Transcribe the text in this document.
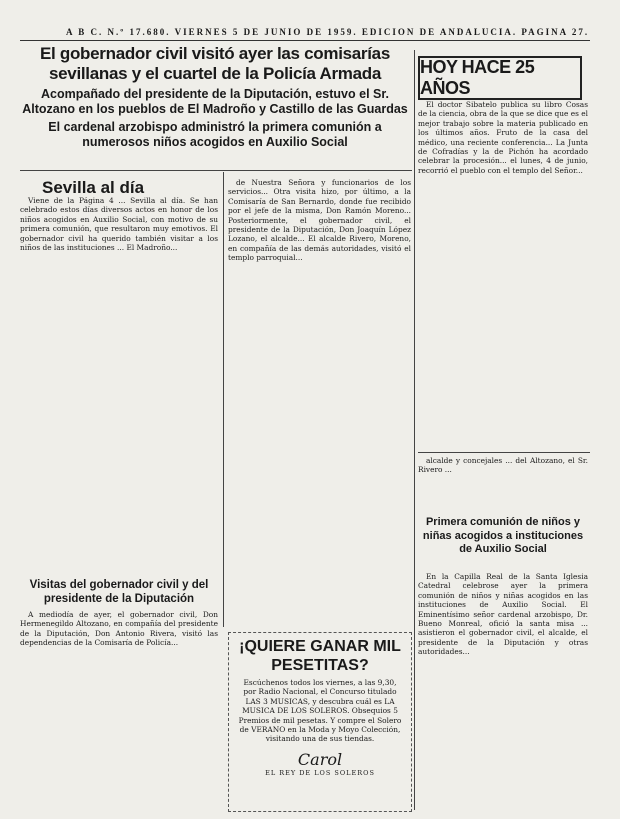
A B C. N.º 17.680. VIERNES 5 DE JUNIO DE 1959. EDICION DE ANDALUCIA. PAGINA 27.
El gobernador civil visitó ayer las comisarías sevillanas y el cuartel de la Policía Armada
Acompañado del presidente de la Diputación, estuvo el Sr. Altozano en los pueblos de El Madroño y Castillo de las Guardas
El cardenal arzobispo administró la primera comunión a numerosos niños acogidos en Auxilio Social
HOY HACE 25 AÑOS
Sevilla al día

Viene de la Página 4 ... Sevilla al día. Se han celebrado estos días diversos actos en honor de los niños acogidos en Auxilio Social, con motivo de su primera comunión, que resultaron muy emotivos. El gobernador civil ha querido también visitar a los niños de las instituciones ... El Madroño...

Visitas del gobernador civil y del presidente de la Diputación

A mediodía de ayer, el gobernador civil, Don Hermenegildo Altozano, en compañía del presidente de la Diputación, Don Antonio Rivera, visitó las dependencias de la Comisaría de Policía...

de Nuestra Señora y funcionarios de los servicios... Otra visita hizo, por último, a la Comisaría de San Bernardo, donde fue recibido por el jefe de la misma, Don Ramón Moreno... Posteriormente, el gobernador civil, el presidente de la Diputación, Don Joaquín López Lozano, el alcalde... El alcalde Rivero, Moreno, en compañía de las demás autoridades, visitó el templo parroquial...

¡QUIERE GANAR MIL PESETITAS?
Escúchenos todos los viernes, a las 9,30, por Radio Nacional, el Concurso titulado LAS 3 MUSICAS, y descubra cuál es LA MUSICA DE LOS SOLEROS. Obsequios 5 Premios de mil pesetas. Y compre el Solero de VERANO en la Moda y Moyo Colección, visitando una de sus tiendas.
Carol
EL REY DE LOS SOLEROS

El doctor Sibatelo publica su libro Cosas de la ciencia, obra de la que se dice que es el mejor trabajo sobre la materia publicado en los últimos años. Fruto de la casa del médico, una reciente conferencia... La Junta de Cofradías y la de Pichón ha acordado celebrar la procesión... el lunes, 4 de junio, recorrió el pueblo con el templo del Señor...

alcalde y concejales ... del Altozano, el Sr. Rivero ...

Primera comunión de niños y niñas acogidos a instituciones de Auxilio Social

En la Capilla Real de la Santa Iglesia Catedral celebrose ayer la primera comunión de niños y niñas acogidos en las instituciones de Auxilio Social. El Eminentísimo señor cardenal arzobispo, Dr. Bueno Monreal, ofició la santa misa ... asistieron el gobernador civil, el alcalde, el presidente de la Diputación y otras autoridades...
